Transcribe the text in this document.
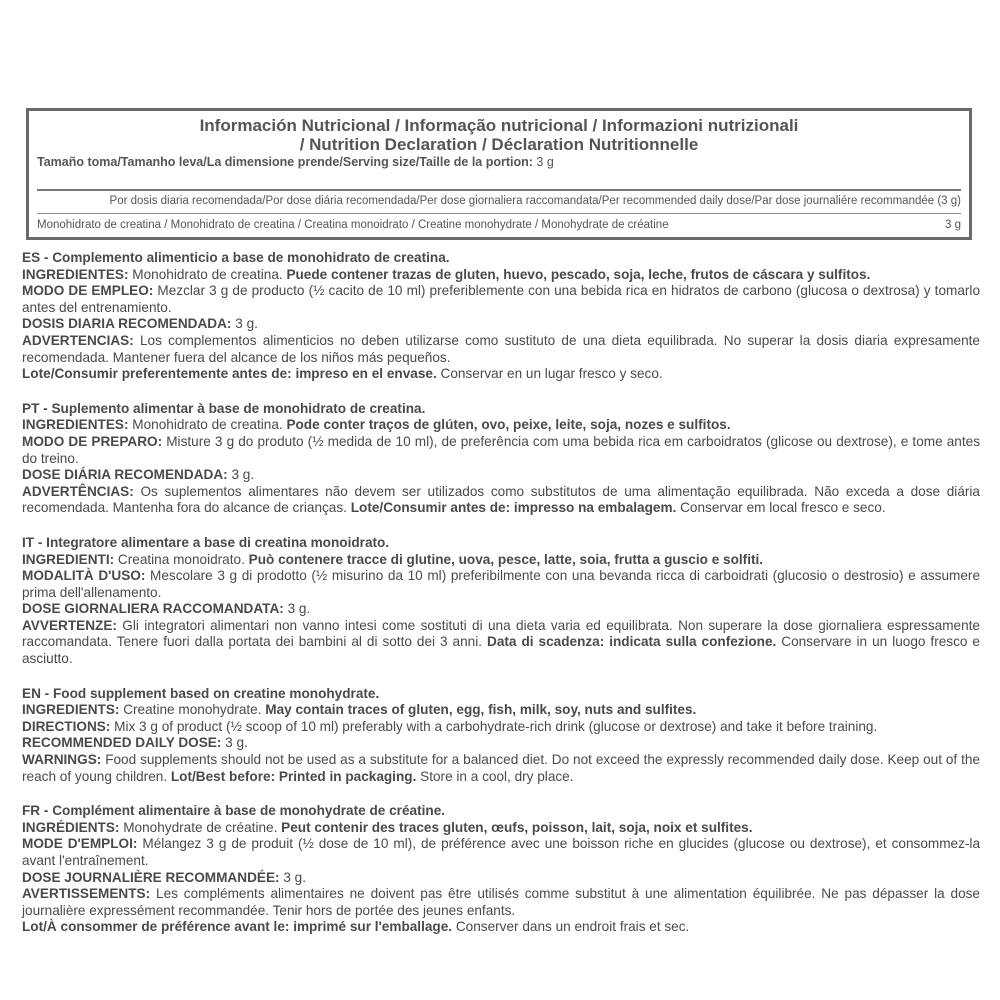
Información Nutricional / Informação nutricional / Informazioni nutrizionali
/ Nutrition Declaration / Déclaration Nutritionnelle
Tamaño toma/Tamanho leva/La dimensione prende/Serving size/Taille de la portion: 3 g
Por dosis diaria recomendada/Por dose diária recomendada/Per dose giornaliera raccomandata/Per recommended daily dose/Par dose journaliére recommandée (3 g)
Monohidrato de creatina / Monohidrato de creatina / Creatina monoidrato / Creatine monohydrate / Monohydrate de créatine	3 g

ES - Complemento alimenticio a base de monohidrato de creatina.

INGREDIENTES: Monohidrato de creatina. Puede contener trazas de gluten, huevo, pescado, soja, leche, frutos de cáscara y sulfitos.

MODO DE EMPLEO: Mezclar 3 g de producto (½ cacito de 10 ml) preferiblemente con una bebida rica en hidratos de carbono (glucosa o dextrosa) y tomarlo antes del entrenamiento.

DOSIS DIARIA RECOMENDADA: 3 g.

ADVERTENCIAS: Los complementos alimenticios no deben utilizarse como sustituto de una dieta equilibrada. No superar la dosis diaria expresamente recomendada. Mantener fuera del alcance de los niños más pequeños.

Lote/Consumir preferentemente antes de: impreso en el envase. Conservar en un lugar fresco y seco.

PT - Suplemento alimentar à base de monohidrato de creatina.

INGREDIENTES: Monohidrato de creatina. Pode conter traços de glúten, ovo, peixe, leite, soja, nozes e sulfitos.

MODO DE PREPARO: Misture 3 g do produto (½ medida de 10 ml), de preferência com uma bebida rica em carboidratos (glicose ou dextrose), e tome antes do treino.

DOSE DIÁRIA RECOMENDADA: 3 g.

ADVERTÊNCIAS: Os suplementos alimentares não devem ser utilizados como substitutos de uma alimentação equilibrada. Não exceda a dose diária recomendada. Mantenha fora do alcance de crianças. Lote/Consumir antes de: impresso na embalagem. Conservar em local fresco e seco.

IT - Integratore alimentare a base di creatina monoidrato.

INGREDIENTI: Creatina monoidrato. Può contenere tracce di glutine, uova, pesce, latte, soia, frutta a guscio e solfiti.

MODALITÀ D'USO: Mescolare 3 g di prodotto (½ misurino da 10 ml) preferibilmente con una bevanda ricca di carboidrati (glucosio o destrosio) e assumere prima dell'allenamento.

DOSE GIORNALIERA RACCOMANDATA: 3 g.

AVVERTENZE: Gli integratori alimentari non vanno intesi come sostituti di una dieta varia ed equilibrata. Non superare la dose giornaliera espressamente raccomandata. Tenere fuori dalla portata dei bambini al di sotto dei 3 anni. Data di scadenza: indicata sulla confezione. Conservare in un luogo fresco e asciutto.

EN - Food supplement based on creatine monohydrate.

INGREDIENTS: Creatine monohydrate. May contain traces of gluten, egg, fish, milk, soy, nuts and sulfites.

DIRECTIONS: Mix 3 g of product (½ scoop of 10 ml) preferably with a carbohydrate-rich drink (glucose or dextrose) and take it before training.

RECOMMENDED DAILY DOSE: 3 g.

WARNINGS: Food supplements should not be used as a substitute for a balanced diet. Do not exceed the expressly recommended daily dose. Keep out of the reach of young children. Lot/Best before: Printed in packaging. Store in a cool, dry place.

FR - Complément alimentaire à base de monohydrate de créatine.

INGRÉDIENTS: Monohydrate de créatine. Peut contenir des traces gluten, œufs, poisson, lait, soja, noix et sulfites.

MODE D'EMPLOI: Mélangez 3 g de produit (½ dose de 10 ml), de préférence avec une boisson riche en glucides (glucose ou dextrose), et consommez-la avant l'entraînement.

DOSE JOURNALIÈRE RECOMMANDÉE: 3 g.

AVERTISSEMENTS: Les compléments alimentaires ne doivent pas être utilisés comme substitut à une alimentation équilibrée. Ne pas dépasser la dose journalière expressément recommandée. Tenir hors de portée des jeunes enfants.

Lot/À consommer de préférence avant le: imprimé sur l'emballage. Conserver dans un endroit frais et sec.
